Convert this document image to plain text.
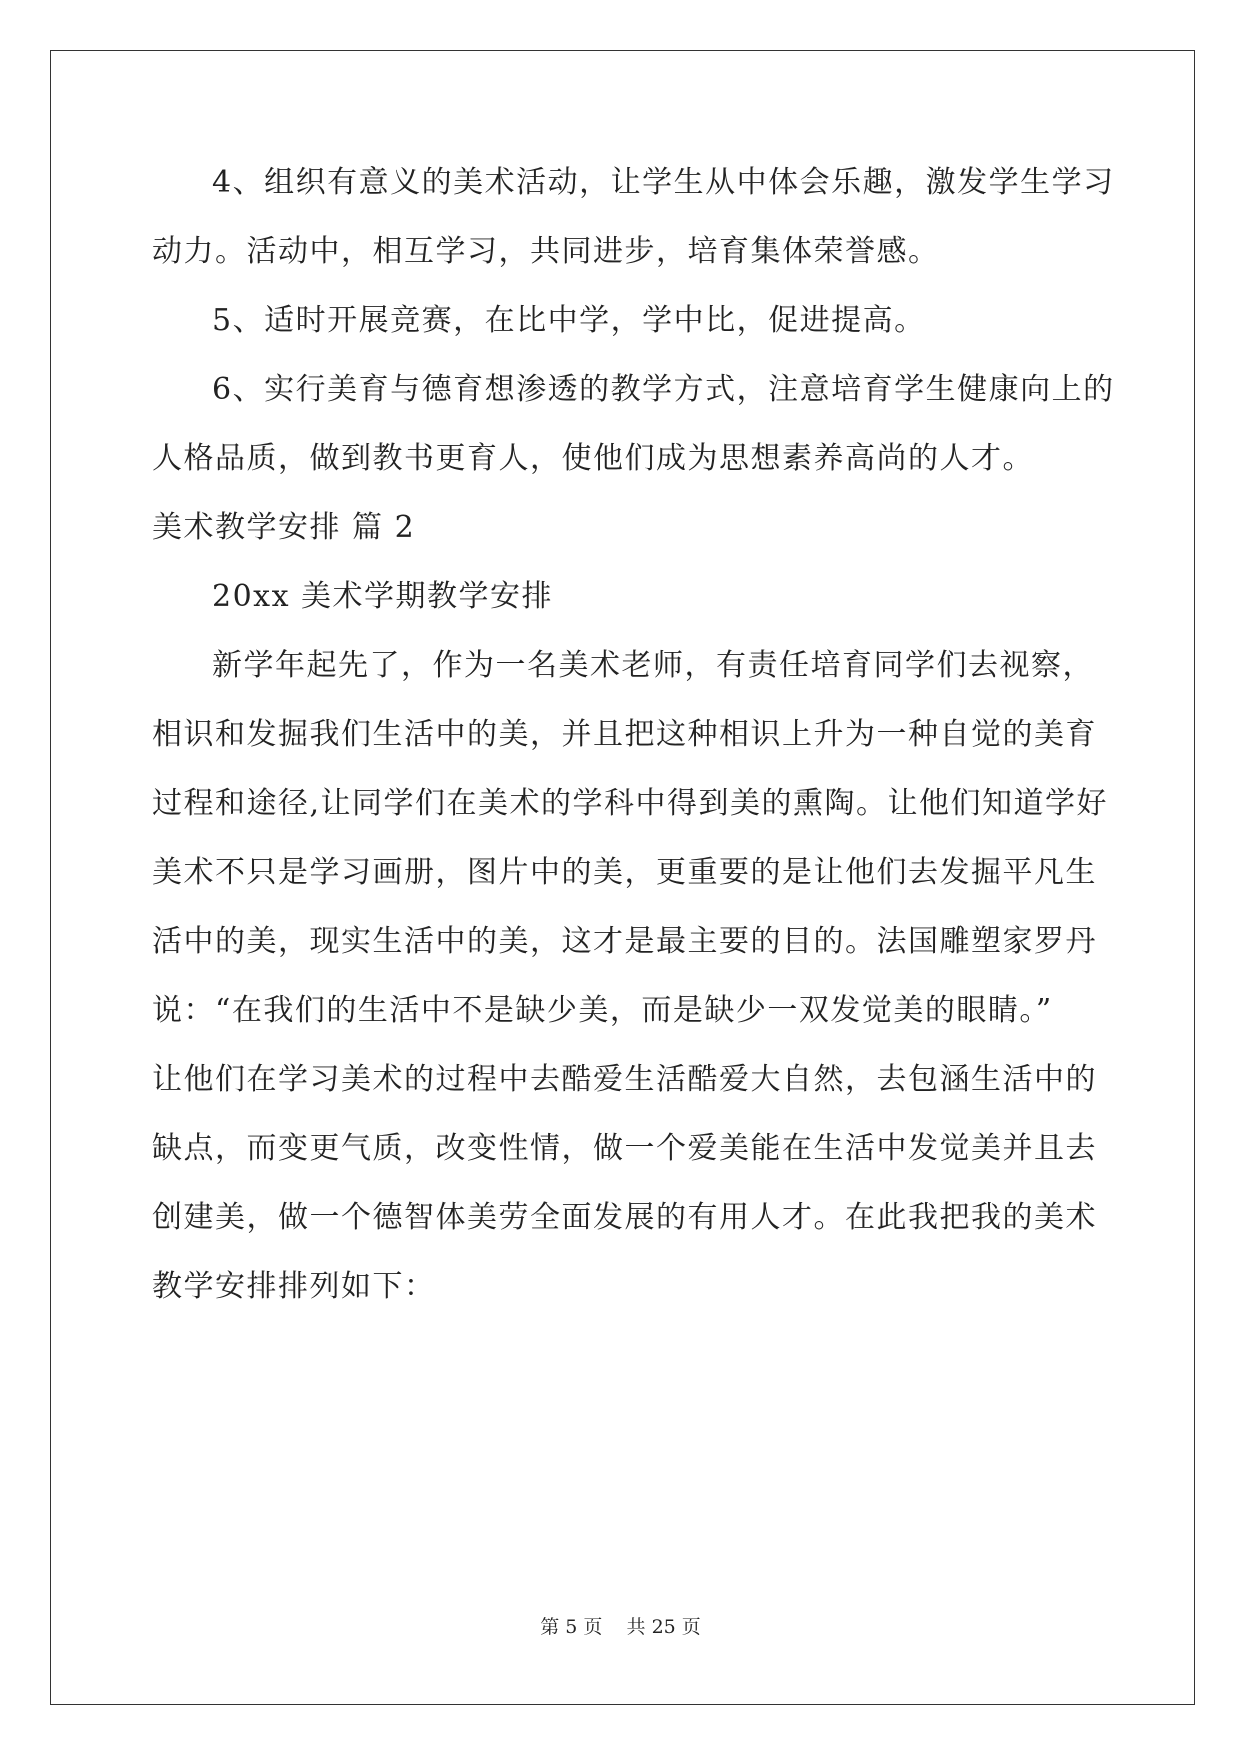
4、组织有意义的美术活动，让学生从中体会乐趣，激发学生学习
动力。活动中，相互学习，共同进步，培育集体荣誉感。
5、适时开展竞赛，在比中学，学中比，促进提高。
6、实行美育与德育想渗透的教学方式，注意培育学生健康向上的
人格品质，做到教书更育人，使他们成为思想素养高尚的人才。
美术教学安排 篇 2
20xx 美术学期教学安排
新学年起先了，作为一名美术老师，有责任培育同学们去视察，
相识和发掘我们生活中的美，并且把这种相识上升为一种自觉的美育
过程和途径,让同学们在美术的学科中得到美的熏陶。让他们知道学好
美术不只是学习画册，图片中的美，更重要的是让他们去发掘平凡生
活中的美，现实生活中的美，这才是最主要的目的。法国雕塑家罗丹
说：“在我们的生活中不是缺少美，而是缺少一双发觉美的眼睛。”
让他们在学习美术的过程中去酷爱生活酷爱大自然，去包涵生活中的
缺点，而变更气质，改变性情，做一个爱美能在生活中发觉美并且去
创建美，做一个德智体美劳全面发展的有用人才。在此我把我的美术
教学安排排列如下：
第 5 页    共 25 页
